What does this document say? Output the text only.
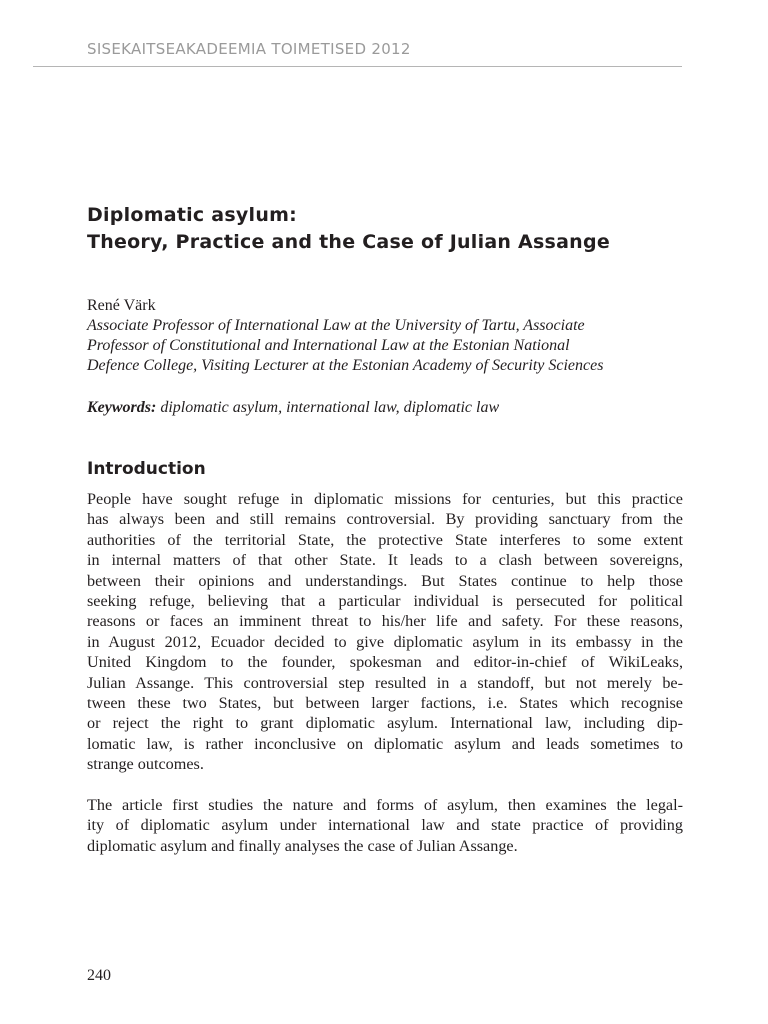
SISEKAITSEAKADEEMIA TOIMETISED 2012
Diplomatic asylum:
Theory, Practice and the Case of Julian Assange
René Värk
Associate Professor of International Law at the University of Tartu, Associate
Professor of Constitutional and International Law at the Estonian National
Defence College, Visiting Lecturer at the Estonian Academy of Security Sciences
Keywords: diplomatic asylum, international law, diplomatic law
Introduction
People have sought refuge in diplomatic missions for centuries, but this practice
has always been and still remains controversial. By providing sanctuary from the
authorities of the territorial State, the protective State interferes to some extent
in internal matters of that other State. It leads to a clash between sovereigns,
between their opinions and understandings. But States continue to help those
seeking refuge, believing that a particular individual is persecuted for political
reasons or faces an imminent threat to his/her life and safety. For these reasons,
in August 2012, Ecuador decided to give diplomatic asylum in its embassy in the
United Kingdom to the founder, spokesman and editor-in-chief of WikiLeaks,
Julian Assange. This controversial step resulted in a standoff, but not merely be-
tween these two States, but between larger factions, i.e. States which recognise
or reject the right to grant diplomatic asylum. International law, including dip-
lomatic law, is rather inconclusive on diplomatic asylum and leads sometimes to
strange outcomes.
The article first studies the nature and forms of asylum, then examines the legal-
ity of diplomatic asylum under international law and state practice of providing
diplomatic asylum and finally analyses the case of Julian Assange.
240
